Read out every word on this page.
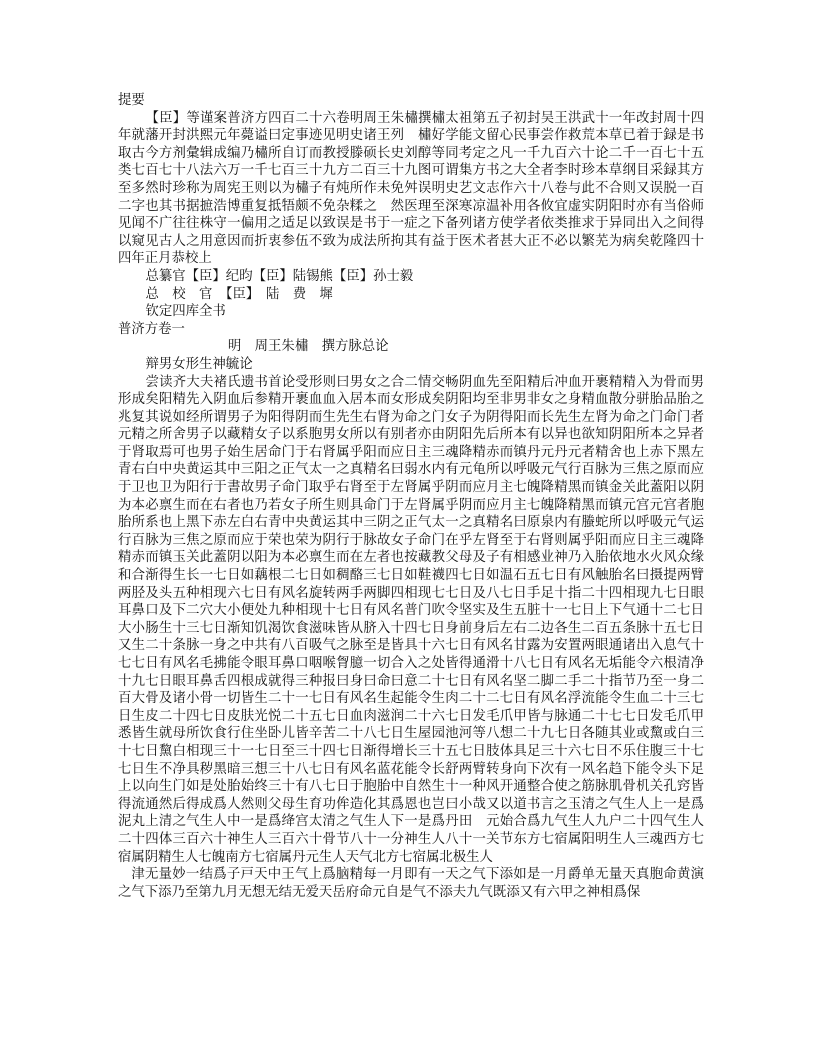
提要

【臣】等谨案普济方四百二十六卷明周王朱橚撰橚太祖第五子初封吴王洪武十一年改封周十四年就藩开封洪熙元年薨谥曰定事迹见明史诸王列　橚好学能文留心民事尝作救荒本草已着于録是书取古今方剂彙辑成编乃橚所自订而教授滕硕长史刘醇等同考定之凡一千九百六十论二千一百七十五类七百七十八法六万一千七百三十九方二百三十九图可谓集方书之大全者李时珍本草纲目采録其方至多然时珍称为周宪王则以为橚子有炖所作未免舛误明史艺文志作六十八卷与此不合则又误脱一百二字也其书据摭浩博重复抵牾颇不免杂糅之　然医理至深寒凉温补用各攸宜虚实阴阳时亦有当俗师见闻不广往往株守一偏用之适足以致误是书于一症之下备列诸方使学者依类推求于异同出入之间得以窥见古人之用意因而折衷参伍不致为成法所拘其有益于医术者甚大正不必以繁芜为病矣乾隆四十四年正月恭校上

总纂官【臣】纪昀【臣】陆锡熊【臣】孙士毅

总　校　官　【臣】　陆　费　墀

钦定四库全书

普济方卷一

明　周王朱橚　撰方脉总论

辩男女形生神毓论

尝读齐大夫褚氏遗书首论受形则曰男女之合二情交畅阴血先至阳精后冲血开裹精精入为骨而男形成矣阳精先入阴血后参精开裹血血入居本而女形成矣阴阳均至非男非女之身精血散分骈胎品胎之兆复其说如经所谓男子为阳得阴而生先生右肾为命之门女子为阴得阳而长先生左肾为命之门命门者元精之所舍男子以藏精女子以系胞男女所以有别者亦由阴阳先后所本有以异也欲知阴阳所本之异者于肾取焉可也男子始生居命门于右肾属乎阳而应日主三魂降精赤而镇丹元丹元者精舍也上赤下黑左青右白中央黄运其中三阳之正气太一之真精名曰弱水内有元龟所以呼吸元气行百脉为三焦之原而应于卫也卫为阳行于書故男子命门取乎右肾至于左肾属乎阴而应月主七魄降精黑而镇金关此蓋阳以阴为本必禀生而在右者也乃若女子所生则具命门于左肾属乎阴而应月主七魄降精黑而镇元宫元宫者胞胎所系也上黑下赤左白右青中央黄运其中三阴之正气太一之真精名曰原泉内有螣蛇所以呼吸元气运行百脉为三焦之原而应于荣也荣为阴行于脉故女子命门在乎左肾至于右肾则属乎阳而应日主三魂降精赤而镇玉关此蓋阴以阳为本必禀生而在左者也按藏教父母及子有相感业神乃入胎依地水火风众缘和合渐得生长一七日如藕根二七日如稠酪三七日如鞋襪四七日如温石五七日有风触胎名曰摄提两臂两胫及头五种相现六七日有风名旋转两手两脚四相现七七日及八七日手足十指二十四相现九七日眼耳鼻口及下二穴大小便处九种相现十七日有风名普门吹令坚实及生五脏十一七日上下气通十二七日大小肠生十三七日渐知饥渴饮食滋味皆从脐入十四七日身前身后左右二边各生二百五条脉十五七日又生二十条脉一身之中共有八百吸气之脉至是皆具十六七日有风名甘露为安置两眼通诸出入息气十七七日有风名毛拂能令眼耳鼻口咽喉胷臆一切合入之处皆得通滑十八七日有风名无垢能令六根清净十九七日眼耳鼻舌四根成就得三种报曰身曰命曰意二十七日有风名坚二脚二手二十指节乃至一身二百大骨及诸小骨一切皆生二十一七日有风名生起能令生肉二十二七日有风名浮流能令生血二十三七日生皮二十四七日皮肤光悦二十五七日血肉滋润二十六七日发毛爪甲皆与脉通二十七七日发毛爪甲悉皆生就母所饮食行住坐卧儿皆辛苦二十八七日生屋园池河等八想二十九七日各随其业或黧或白三十七日黧白相现三十一七日至三十四七日渐得增长三十五七日肢体具足三十六七日不乐住腹三十七七日生不净具秽黑暗三想三十八七日有风名蓝花能令长舒两臂转身向下次有一风名趋下能令头下足上以向生门如是处胎始终三十有八七日于胞胎中自然生十一种风开通整合使之筋脉肌骨机关孔窍皆得流通然后得成爲人然则父母生育功侔造化其爲恩也岂曰小哉又以道书言之玉清之气生人上一是爲泥丸上清之气生人中一是爲绛宫太清之气生人下一是爲丹田　元始合爲九气生人九户二十四气生人二十四体三百六十神生人三百六十骨节八十一分神生人八十一关节东方七宿属阳明生人三魂西方七宿属阴精生人七魄南方七宿属丹元生人天气北方七宿属北极生人

津无量妙一结爲子戸天中王气上爲脑精每一月即有一天之气下添如是一月爵单无量天真胞命黄演之气下添乃至第九月无想无结无爱天岳府命元自是气不添夫九气既添又有六甲之神相爲保
